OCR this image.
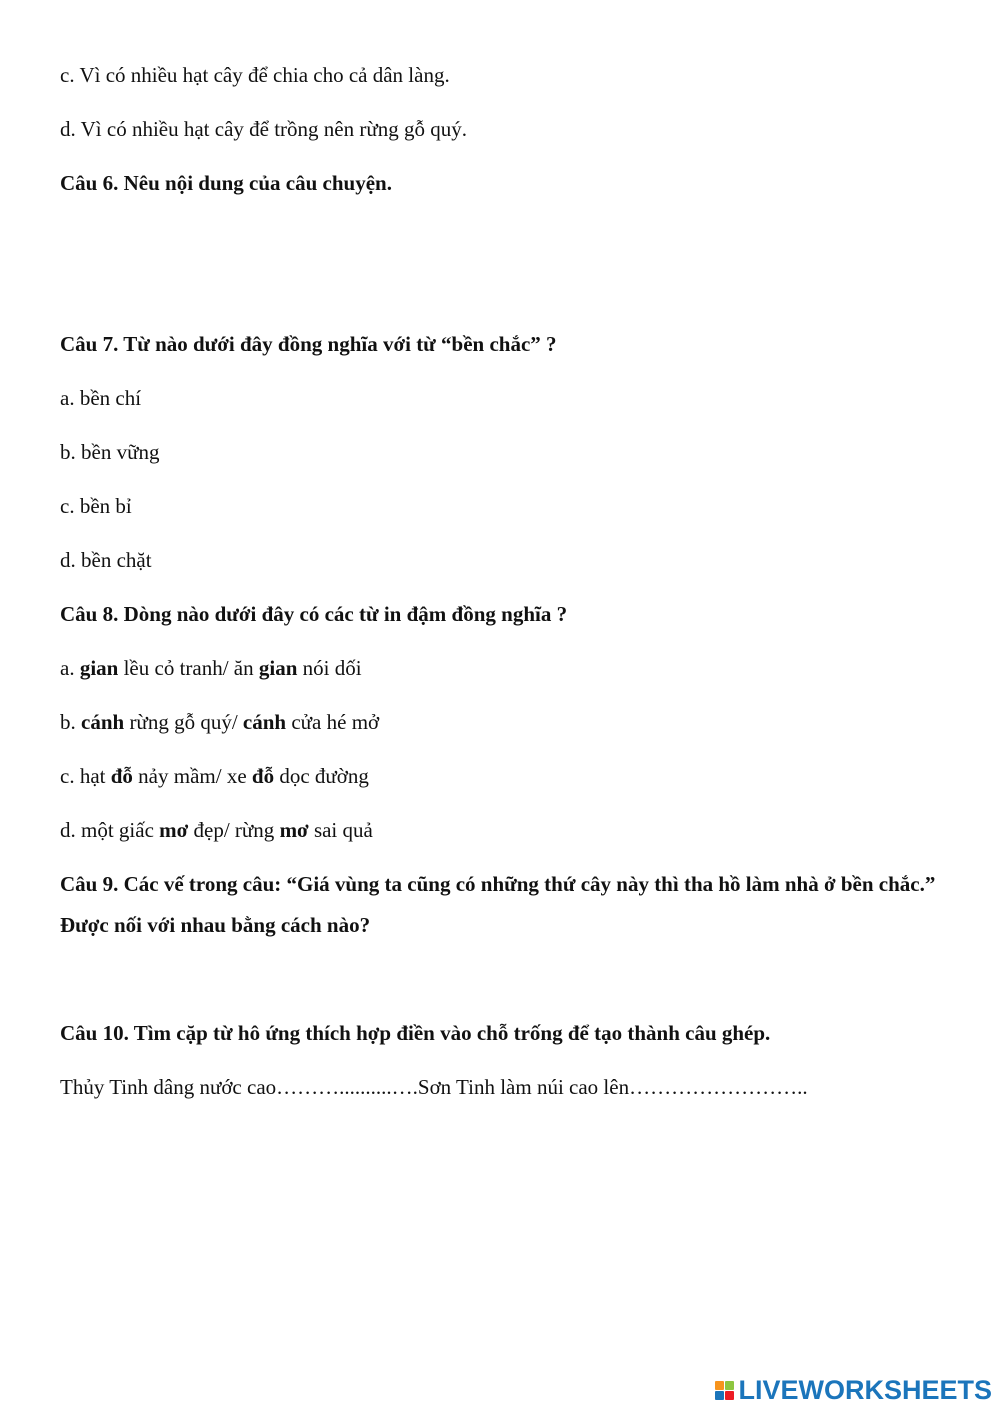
c. Vì có nhiều hạt cây để chia cho cả dân làng.
d. Vì có nhiều hạt cây để trồng nên rừng gỗ quý.
Câu 6. Nêu nội dung của câu chuyện.
Câu 7. Từ nào dưới đây đồng nghĩa với từ “bền chắc” ?
a. bền chí
b. bền vững
c. bền bỉ
d. bền chặt
Câu 8. Dòng nào dưới đây có các từ in đậm đồng nghĩa ?
a. gian lều cỏ tranh/ ăn gian nói dối
b. cánh rừng gỗ quý/ cánh cửa hé mở
c. hạt đỗ nảy mầm/ xe đỗ dọc đường
d. một giấc mơ đẹp/ rừng mơ sai quả
Câu 9. Các vế trong câu: “Giá vùng ta cũng có những thứ cây này thì tha hồ làm nhà ở bền chắc.” Được nối với nhau bằng cách nào?
Câu 10. Tìm cặp từ hô ứng thích hợp điền vào chỗ trống để tạo thành câu ghép.
Thủy Tinh dâng nước cao………..........….Sơn Tinh làm núi cao lên……………………..
LIVEWORKSHEETS
